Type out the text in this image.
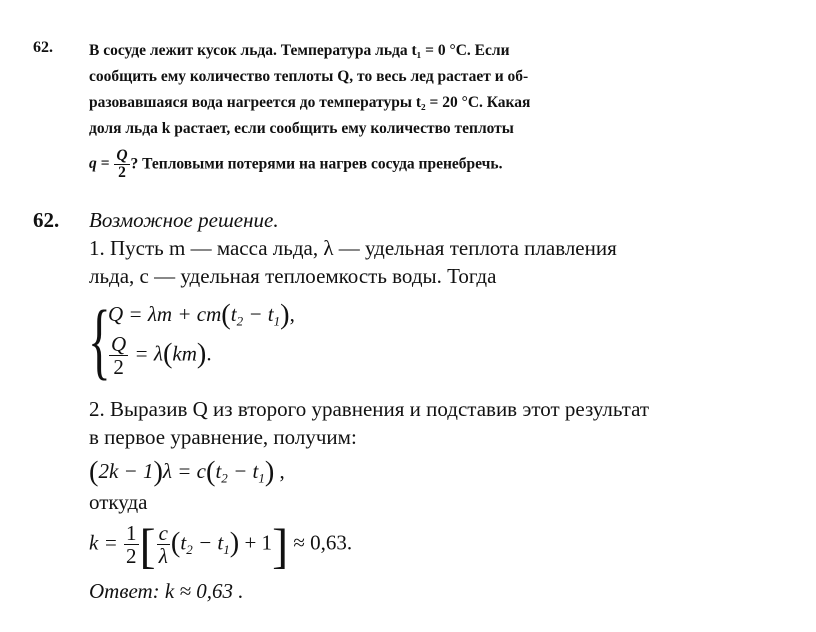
62. В сосуде лежит кусок льда. Температура льда t₁ = 0 °С. Если
сообщить ему количество теплоты Q, то весь лед растает и об-
разовавшаяся вода нагреется до температуры t₂ = 20 °С. Какая
доля льда k растает, если сообщить ему количество теплоты
$q = \frac{Q}{2}$ ? Тепловыми потерями на нагрев сосуда пренебречь.
62. Возможное решение.
1. Пусть m — масса льда, λ — удельная теплота плавления
льда, c — удельная теплоемкость воды. Тогда
{
$Q = \lambda m + cm(t_2 - t_1)$,
$\frac{Q}{2} = \lambda(km)$.
2. Выразив Q из второго уравнения и подставив этот результат
в первое уравнение, получим:
$(2k - 1)\lambda = c(t_2 - t_1)$ ,
откуда
$k = \frac{1}{2}$ [ $\frac{c}{\lambda} (t_2 - t_1) + 1] \approx 0,63$.
Ответ: k ≈ 0,63 .
